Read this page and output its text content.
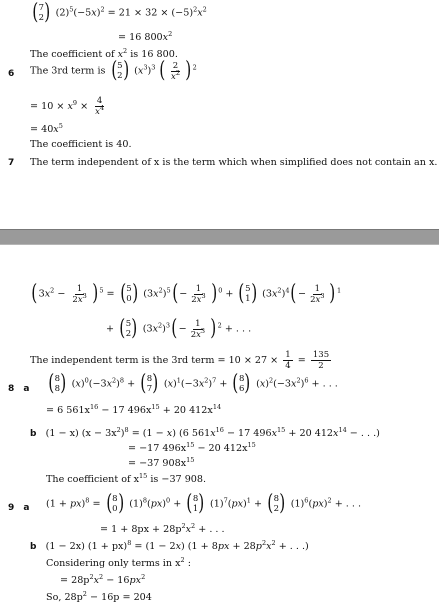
( 7
2 ) $(2)^5(-5x)^2 = 21 \times 32 \times (-5)^2x^2$
= 16 $800x^2$
The coefficient of $x^2$ is 16 800.
6 The 3rd term is ( 5
2 ) $(x^3)^3$ ( $\frac{2}{x^2} )^2$
= $10 \times x^9 \times \frac{4}{x^4}$
= $40x^5$
The coefficient is 40.
7 The term independent of x is the term which when simplified does not contain an x.
$(3x^2 - \frac{1}{2x^3} )^5$ = ( 5
0 ) $(3x^2)^5(- \frac{1}{2x^3} )^0$ + ( 5
1 ) $(3x^2)^4(- \frac{1}{2x^3} )^1$
+ ( 5
2 ) $(3x^2)^3(- \frac{1}{2x^3} )^2$ + . . .
The independent term is the 3rd term = $10 \times 27 \times \frac{1}{4} = \frac{135}{2}$
8 a ( 8
8 ) $(x)^0(-3x^2)^8$ + ( 8
7 ) $(x)^1(-3x^2)^7$ + ( 8
6 ) $(x)^2(-3x^2)^6$ + . . .
= 6 $561x^{16} - 17$ $496x^{15} + 20$ $412x^{14}$
b (1 − x) $(x - 3x^2)^8 = (1 - x)$ (6 $561x^{16} - 17$ $496x^{15} + 20$ $412x^{14}$ − . . .)
= −17 $496x^{15} - 20$ $412x^{15}$
= −37 $908x^{15}$
The coefficient of $x^{15}$ is −37 908.
9 a (1 + px)$^8$ = ( 8
0 ) $(1)^8(px)^0$ + ( 8
1 ) $(1)^7(px)^1$ + ( 8
2 ) $(1)^6(px)^2$ + . . .
= $1 + 8px + 28p^2x^2$ + . . .
b (1 − 2x) (1 + px)$^8$ = (1 − 2x) ($1 + 8px + 28p^2x^2$ + . . .)
Considering only terms in $x^2$ :
= $28p^2x^2 - 16px^2$
So, $28p^2 - 16p = 204$
